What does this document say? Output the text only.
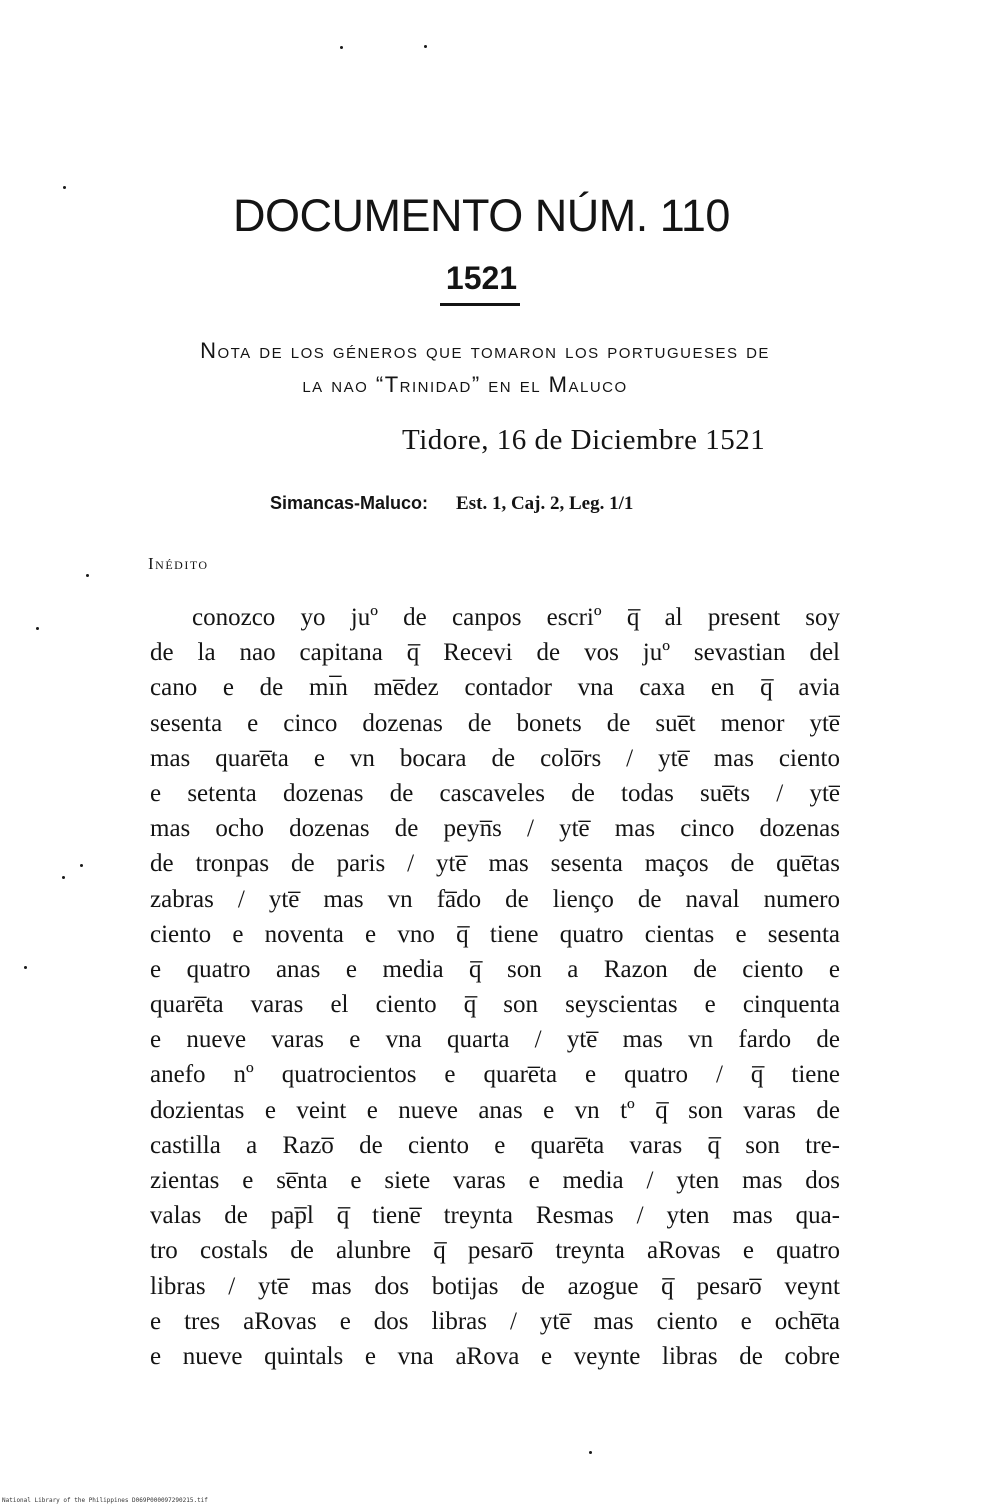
DOCUMENTO NÚM. 110
1521

Nota de los géneros que tomaron los portugueses de

la nao “Trinidad” en el Maluco

Tidore, 16 de Diciembre 1521
Simancas-Maluco: Est. 1, Caj. 2, Leg. 1/1
Inédito
conozco yo juº de canpos escriº q̅ al present soy
de la nao capitana q̅ Recevi de vos juº sevastian del
cano e de mı̅n me̅dez contador vna caxa en q̅ avia
sesenta e cinco dozenas de bonets de sue̅t menor yte̅
mas quare̅ta e vn bocara de colo̅rs / yte̅ mas ciento
e setenta dozenas de cascaveles de todas sue̅ts / yte̅
mas ocho dozenas de peyn̅s / yte̅ mas cinco dozenas
de tronpas de paris / yte̅ mas sesenta maços de que̅tas
zabras / yte̅ mas vn fa̅do de lienço de naval numero
ciento e noventa e vno q̅ tiene quatro cientas e sesenta
e quatro anas e media q̅ son a Razon de ciento e
quare̅ta varas el ciento q̅ son seyscientas e cinquenta
e nueve varas e vna quarta / yte̅ mas vn fardo de
anefo nº quatrocientos e quare̅ta e quatro / q̅ tiene
dozientas e veint e nueve anas e vn tº q̅ son varas de
castilla a Razo̅ de ciento e quare̅ta varas q̅ son tre-
zientas e se̅nta e siete varas e media / yten mas dos
valas de pap̅l q̅ tiene̅ treynta Resmas / yten mas qua-
tro costals de alunbre q̅ pesaro̅ treynta aRovas e quatro
libras / yte̅ mas dos botijas de azogue q̅ pesaro̅ veynt
e tres aRovas e dos libras / yte̅ mas ciento e oche̅ta
e nueve quintals e vna aRova e veynte libras de cobre
National Library of the Philippines D069P000097290215.tif
